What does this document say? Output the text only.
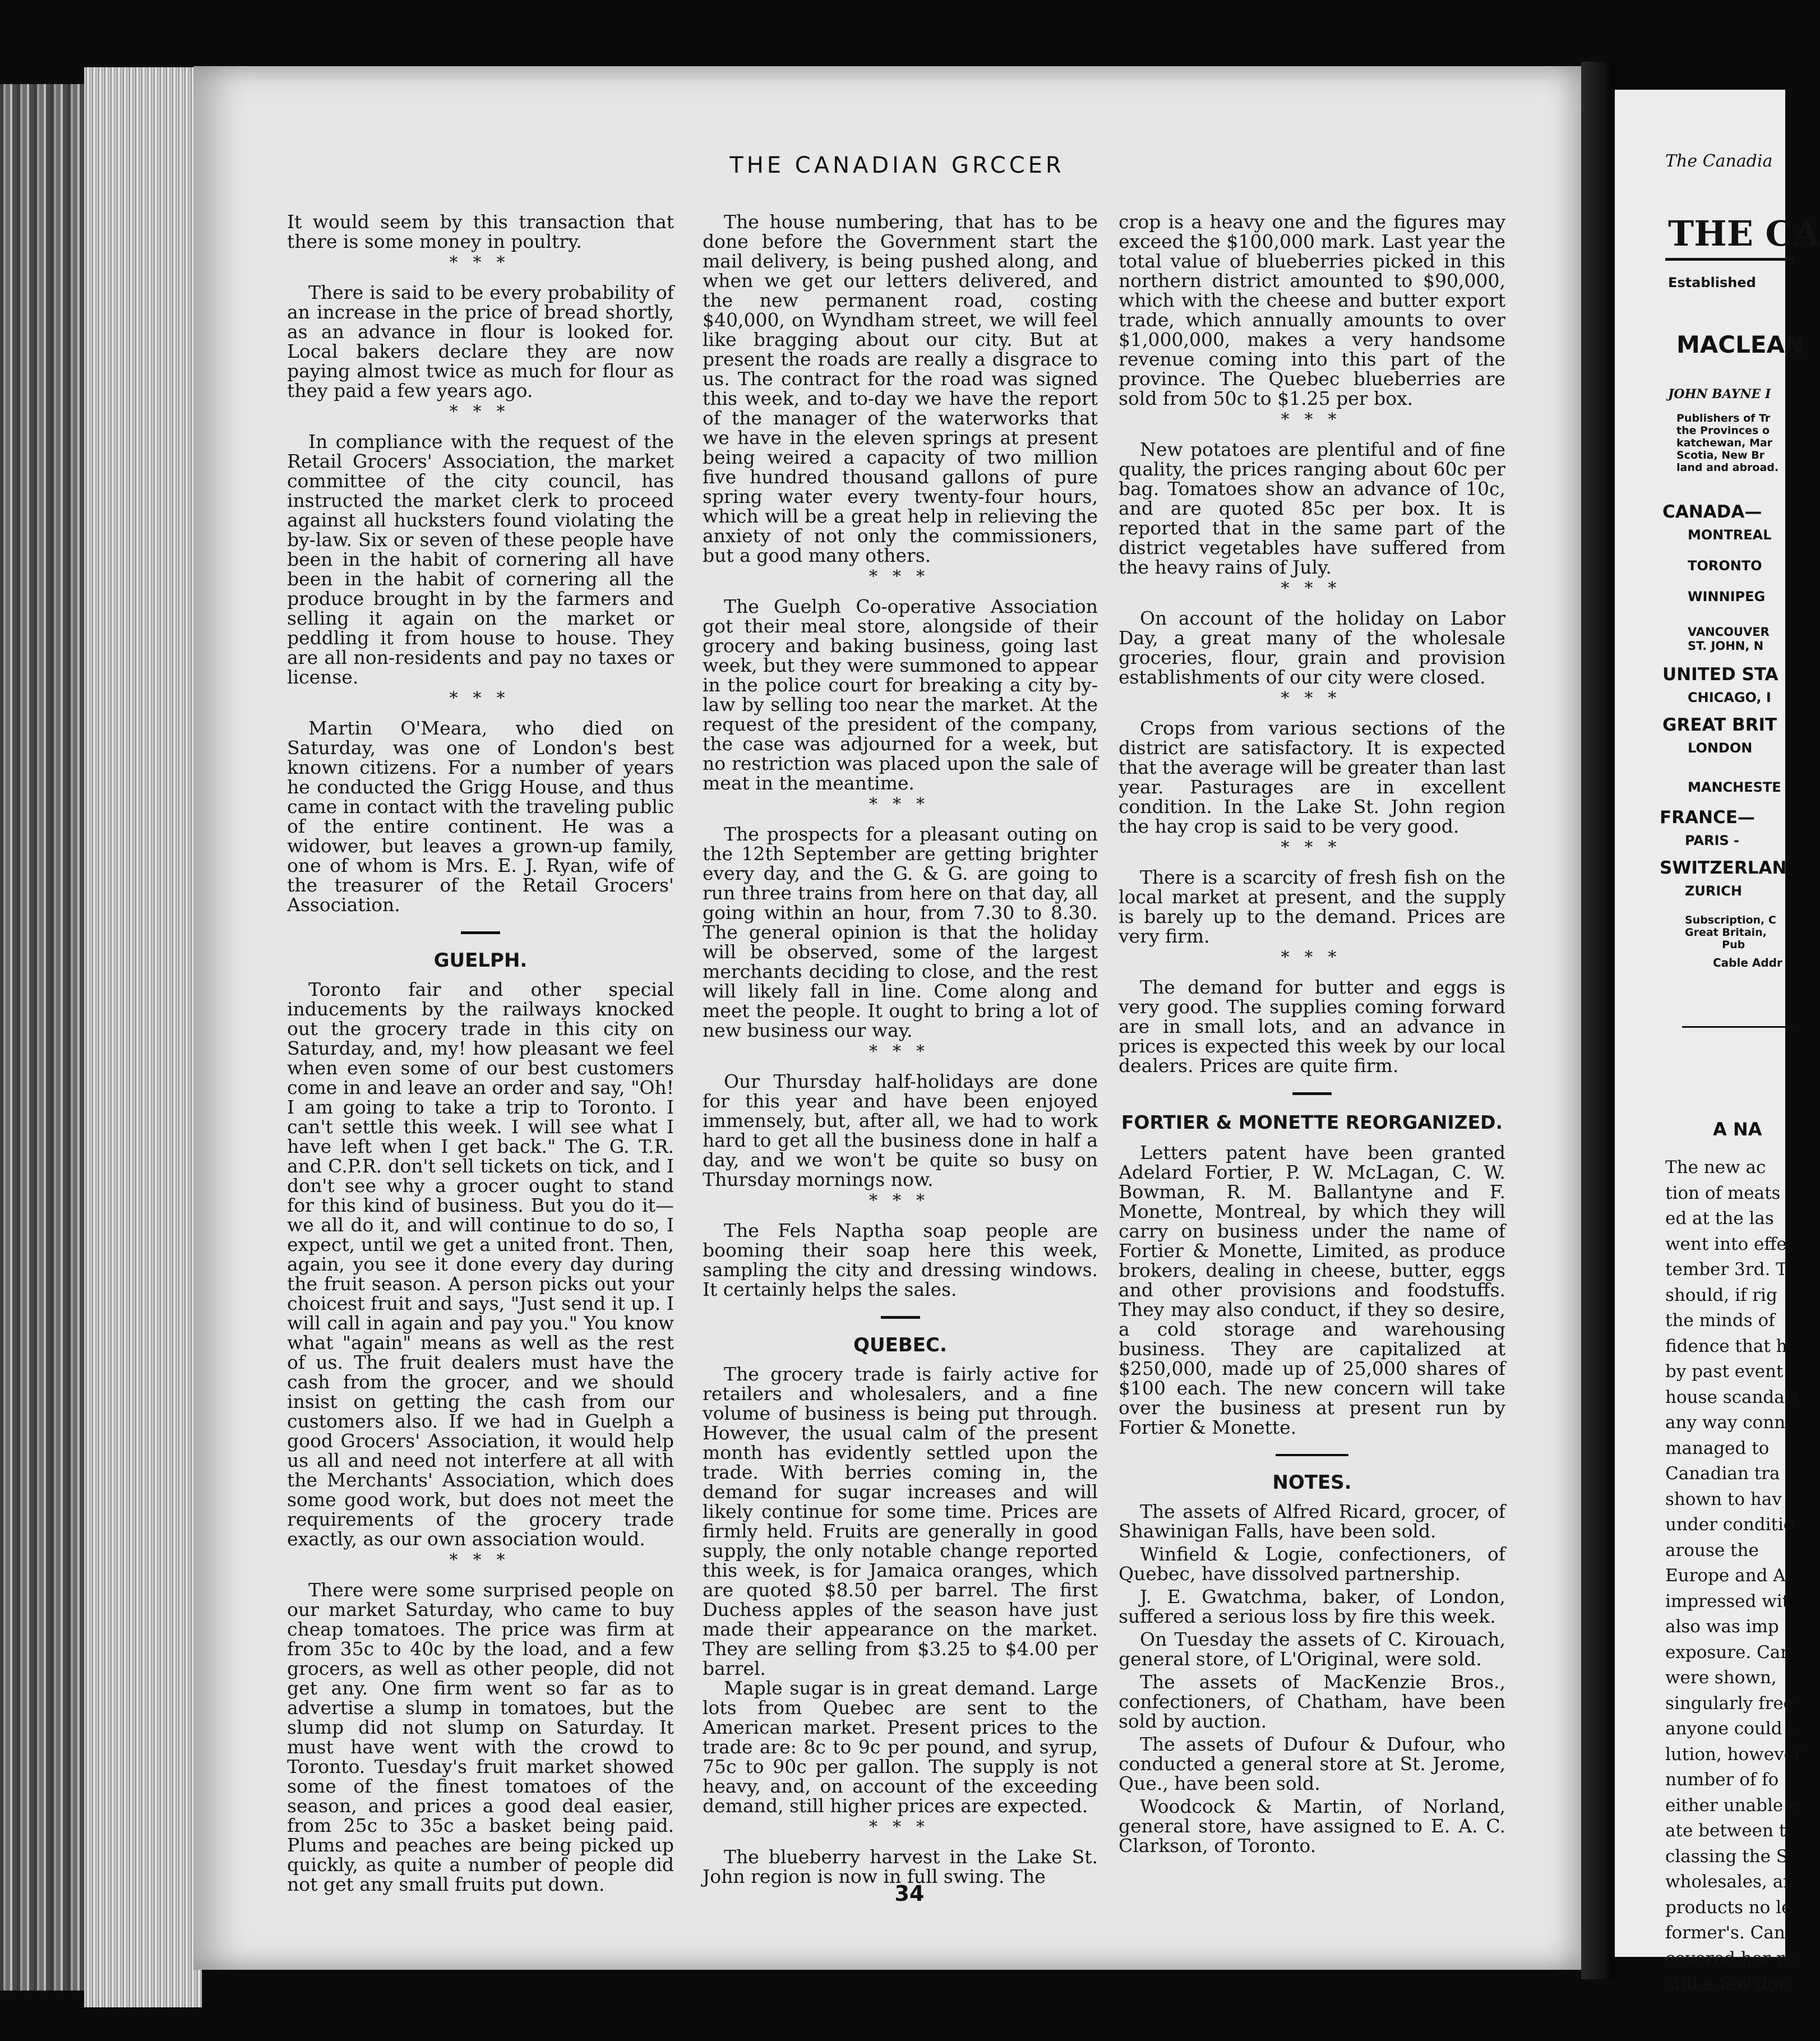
THE CANADIAN GRCCER

It would seem by this transaction that there is some money in poultry.

* * *

There is said to be every probability of an increase in the price of bread shortly, as an advance in flour is looked for. Local bakers declare they are now paying almost twice as much for flour as they paid a few years ago.

* * *

In compliance with the request of the Retail Grocers' Association, the market committee of the city council, has instructed the market clerk to proceed against all hucksters found violating the by-law. Six or seven of these people have been in the habit of cornering all have been in the habit of cornering all the produce brought in by the farmers and selling it again on the market or peddling it from house to house. They are all non-residents and pay no taxes or license.

* * *

Martin O'Meara, who died on Saturday, was one of London's best known citizens. For a number of years he conducted the Grigg House, and thus came in contact with the traveling public of the entire continent. He was a widower, but leaves a grown-up family, one of whom is Mrs. E. J. Ryan, wife of the treasurer of the Retail Grocers' Association.

GUELPH.

Toronto fair and other special inducements by the railways knocked out the grocery trade in this city on Saturday, and, my! how pleasant we feel when even some of our best customers come in and leave an order and say, "Oh! I am going to take a trip to Toronto. I can't settle this week. I will see what I have left when I get back." The G. T.R. and C.P.R. don't sell tickets on tick, and I don't see why a grocer ought to stand for this kind of business. But you do it—we all do it, and will continue to do so, I expect, until we get a united front. Then, again, you see it done every day during the fruit season. A person picks out your choicest fruit and says, "Just send it up. I will call in again and pay you." You know what "again" means as well as the rest of us. The fruit dealers must have the cash from the grocer, and we should insist on getting the cash from our customers also. If we had in Guelph a good Grocers' Association, it would help us all and need not interfere at all with the Merchants' Association, which does some good work, but does not meet the requirements of the grocery trade exactly, as our own association would.

* * *

There were some surprised people on our market Saturday, who came to buy cheap tomatoes. The price was firm at from 35c to 40c by the load, and a few grocers, as well as other people, did not get any. One firm went so far as to advertise a slump in tomatoes, but the slump did not slump on Saturday. It must have went with the crowd to Toronto. Tuesday's fruit market showed some of the finest tomatoes of the season, and prices a good deal easier, from 25c to 35c a basket being paid. Plums and peaches are being picked up quickly, as quite a number of people did not get any small fruits put down.

The house numbering, that has to be done before the Government start the mail delivery, is being pushed along, and when we get our letters delivered, and the new permanent road, costing $40,000, on Wyndham street, we will feel like bragging about our city. But at present the roads are really a disgrace to us. The contract for the road was signed this week, and to-day we have the report of the manager of the waterworks that we have in the eleven springs at present being weired a capacity of two million five hundred thousand gallons of pure spring water every twenty-four hours, which will be a great help in relieving the anxiety of not only the commissioners, but a good many others.

* * *

The Guelph Co-operative Association got their meal store, alongside of their grocery and baking business, going last week, but they were summoned to appear in the police court for breaking a city by-law by selling too near the market. At the request of the president of the company, the case was adjourned for a week, but no restriction was placed upon the sale of meat in the meantime.

* * *

The prospects for a pleasant outing on the 12th September are getting brighter every day, and the G. & G. are going to run three trains from here on that day, all going within an hour, from 7.30 to 8.30. The general opinion is that the holiday will be observed, some of the largest merchants deciding to close, and the rest will likely fall in line. Come along and meet the people. It ought to bring a lot of new business our way.

* * *

Our Thursday half-holidays are done for this year and have been enjoyed immensely, but, after all, we had to work hard to get all the business done in half a day, and we won't be quite so busy on Thursday mornings now.

* * *

The Fels Naptha soap people are booming their soap here this week, sampling the city and dressing windows. It certainly helps the sales.

QUEBEC.

The grocery trade is fairly active for retailers and wholesalers, and a fine volume of business is being put through. However, the usual calm of the present month has evidently settled upon the trade. With berries coming in, the demand for sugar increases and will likely continue for some time. Prices are firmly held. Fruits are generally in good supply, the only notable change reported this week, is for Jamaica oranges, which are quoted $8.50 per barrel. The first Duchess apples of the season have just made their appearance on the market. They are selling from $3.25 to $4.00 per barrel.

Maple sugar is in great demand. Large lots from Quebec are sent to the American market. Present prices to the trade are: 8c to 9c per pound, and syrup, 75c to 90c per gallon. The supply is not heavy, and, on account of the exceeding demand, still higher prices are expected.

* * *

The blueberry harvest in the Lake St. John region is now in full swing. The

crop is a heavy one and the figures may exceed the $100,000 mark. Last year the total value of blueberries picked in this northern district amounted to $90,000, which with the cheese and butter export trade, which annually amounts to over $1,000,000, makes a very handsome revenue coming into this part of the province. The Quebec blueberries are sold from 50c to $1.25 per box.

* * *

New potatoes are plentiful and of fine quality, the prices ranging about 60c per bag. Tomatoes show an advance of 10c, and are quoted 85c per box. It is reported that in the same part of the district vegetables have suffered from the heavy rains of July.

* * *

On account of the holiday on Labor Day, a great many of the wholesale groceries, flour, grain and provision establishments of our city were closed.

* * *

Crops from various sections of the district are satisfactory. It is expected that the average will be greater than last year. Pasturages are in excellent condition. In the Lake St. John region the hay crop is said to be very good.

* * *

There is a scarcity of fresh fish on the local market at present, and the supply is barely up to the demand. Prices are very firm.

* * *

The demand for butter and eggs is very good. The supplies coming forward are in small lots, and an advance in prices is expected this week by our local dealers. Prices are quite firm.

FORTIER & MONETTE REORGANIZED.

Letters patent have been granted Adelard Fortier, P. W. McLagan, C. W. Bowman, R. M. Ballantyne and F. Monette, Montreal, by which they will carry on business under the name of Fortier & Monette, Limited, as produce brokers, dealing in cheese, butter, eggs and other provisions and foodstuffs. They may also conduct, if they so desire, a cold storage and warehousing business. They are capitalized at $250,000, made up of 25,000 shares of $100 each. The new concern will take over the business at present run by Fortier & Monette.

NOTES.

The assets of Alfred Ricard, grocer, of Shawinigan Falls, have been sold.

Winfield & Logie, confectioners, of Quebec, have dissolved partnership.

J. E. Gwatchma, baker, of London, suffered a serious loss by fire this week.

On Tuesday the assets of C. Kirouach, general store, of L'Original, were sold.

The assets of MacKenzie Bros., confectioners, of Chatham, have been sold by auction.

The assets of Dufour & Dufour, who conducted a general store at St. Jerome, Que., have been sold.

Woodcock & Martin, of Norland, general store, have assigned to E. A. C. Clarkson, of Toronto.

34
The Canadia
THE CA
Established
MACLEAN
JOHN BAYNE I
Publishers of Tr
the Provinces o
katchewan, Mar
Scotia, New Br
land and abroad.
CANADA—
MONTREAL
TORONTO
WINNIPEG
VANCOUVER
ST. JOHN, N
UNITED STA
CHICAGO, I
GREAT BRIT
LONDON
MANCHESTE
FRANCE—
PARIS -
SWITZERLAN
ZURICH
Subscription, C
Great Britain,
Pub
Cable Addr
A NA
The new ac
tion of meats
ed at the las
went into effe
tember 3rd. T
should, if rig
the minds of
fidence that h
by past event
house scandals
any way conn
managed to
Canadian tra
shown to hav
under conditio
arouse the
Europe and A
impressed wit
also was imp
exposure. Car
were shown,
singularly free
anyone could t
lution, however
number of fo
either unable c
ate between t
classing the S
wholesales, an
products no le
former's. Can
covered her re
still a few dou
